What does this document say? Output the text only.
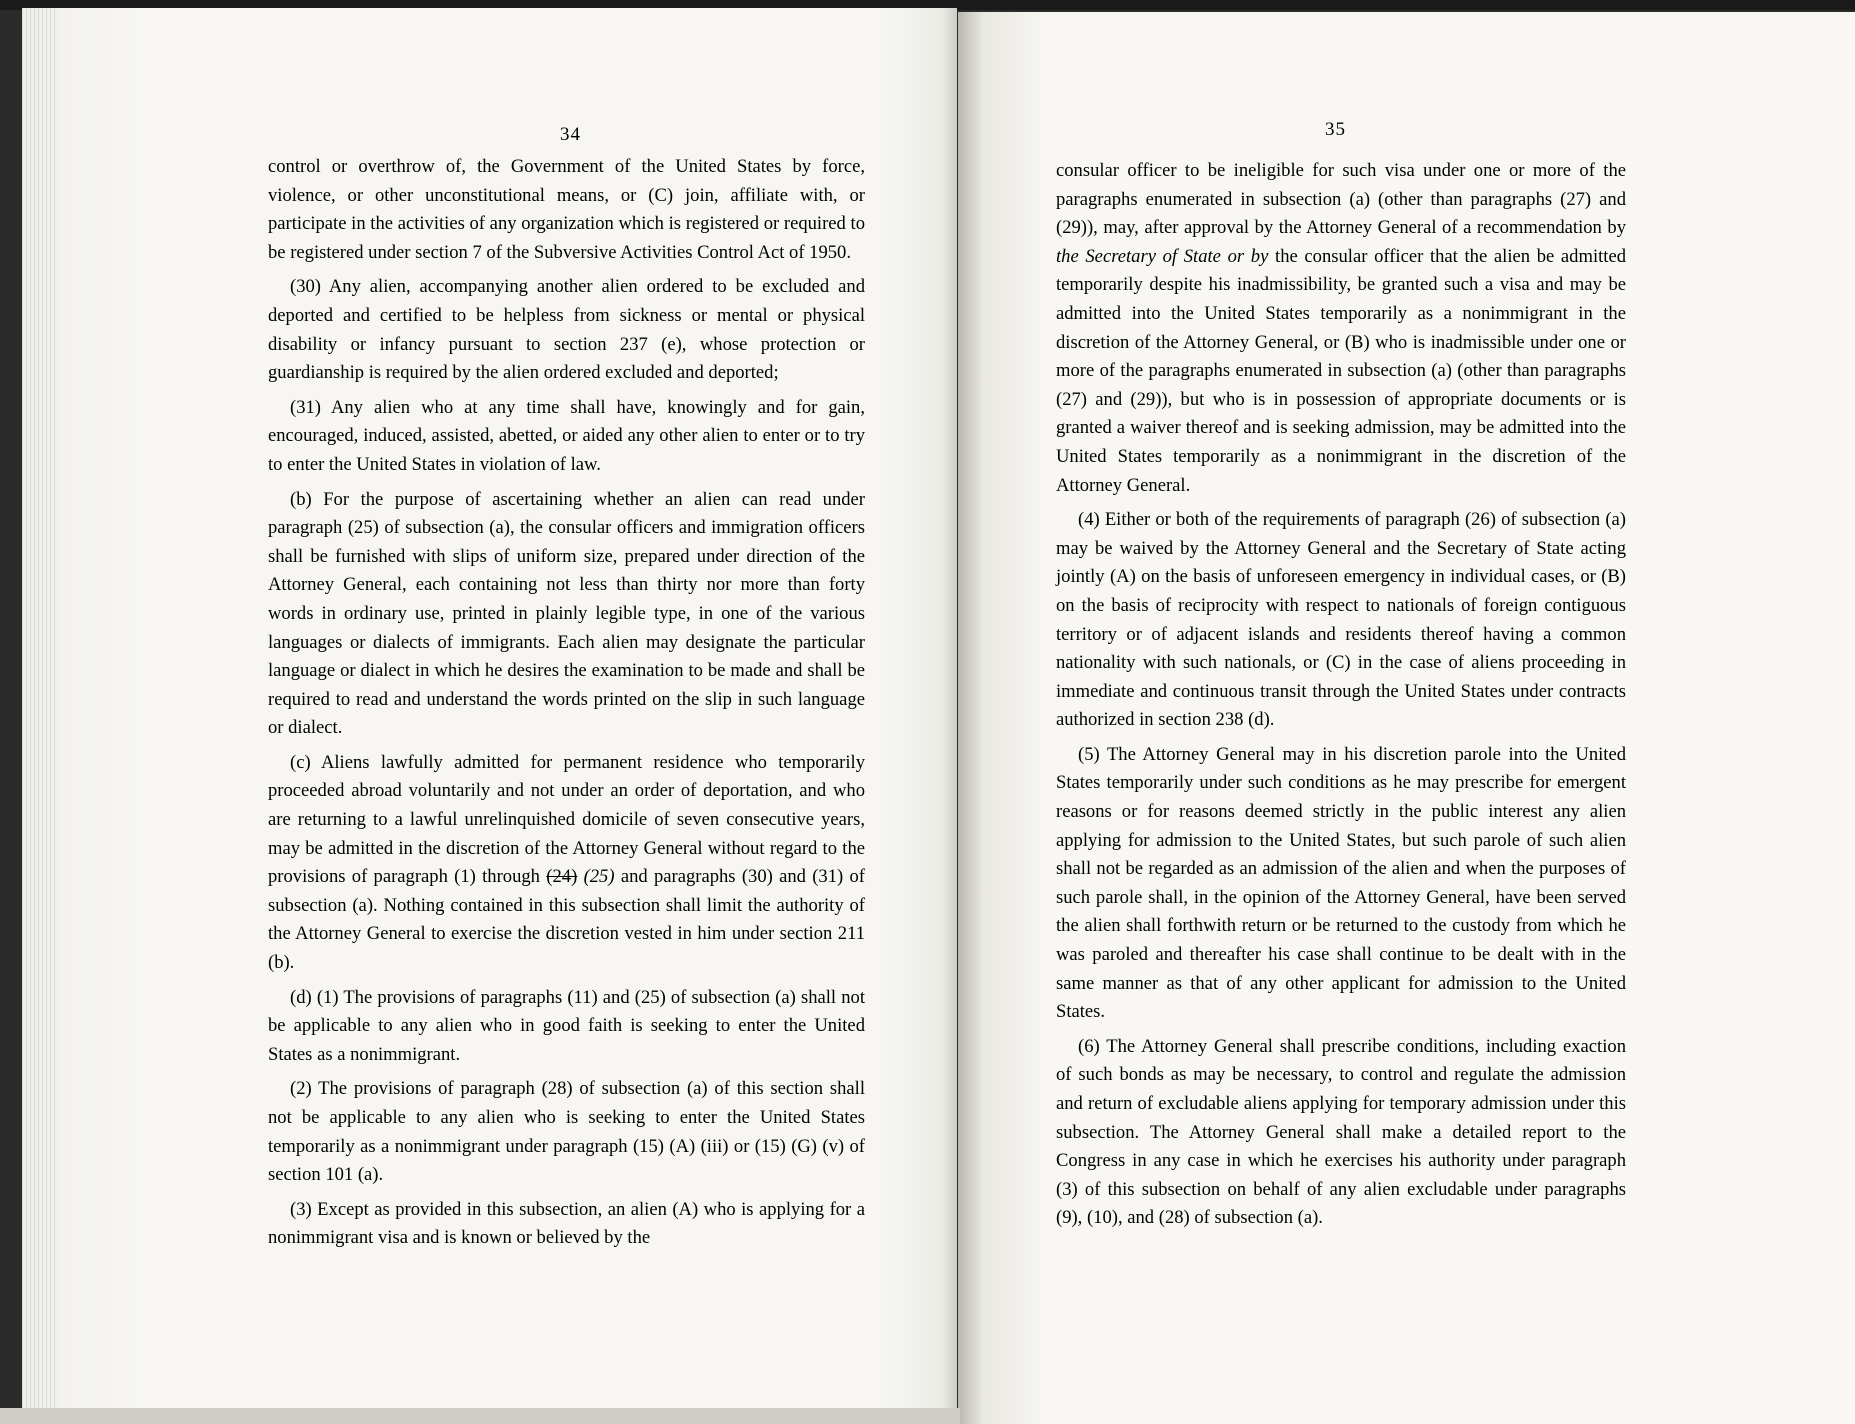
34

control or overthrow of, the Government of the United States by force, violence, or other unconstitutional means, or (C) join, affiliate with, or participate in the activities of any organization which is registered or required to be registered under section 7 of the Subversive Activities Control Act of 1950.

(30) Any alien, accompanying another alien ordered to be excluded and deported and certified to be helpless from sickness or mental or physical disability or infancy pursuant to section 237 (e), whose protection or guardianship is required by the alien ordered excluded and deported;

(31) Any alien who at any time shall have, knowingly and for gain, encouraged, induced, assisted, abetted, or aided any other alien to enter or to try to enter the United States in violation of law.

(b) For the purpose of ascertaining whether an alien can read under paragraph (25) of subsection (a), the consular officers and immigration officers shall be furnished with slips of uniform size, prepared under direction of the Attorney General, each containing not less than thirty nor more than forty words in ordinary use, printed in plainly legible type, in one of the various languages or dialects of immigrants. Each alien may designate the particular language or dialect in which he desires the examination to be made and shall be required to read and understand the words printed on the slip in such language or dialect.

(c) Aliens lawfully admitted for permanent residence who temporarily proceeded abroad voluntarily and not under an order of deportation, and who are returning to a lawful unrelinquished domicile of seven consecutive years, may be admitted in the discretion of the Attorney General without regard to the provisions of paragraph (1) through (24) (25) and paragraphs (30) and (31) of subsection (a). Nothing contained in this subsection shall limit the authority of the Attorney General to exercise the discretion vested in him under section 211 (b).

(d) (1) The provisions of paragraphs (11) and (25) of subsection (a) shall not be applicable to any alien who in good faith is seeking to enter the United States as a nonimmigrant.

(2) The provisions of paragraph (28) of subsection (a) of this section shall not be applicable to any alien who is seeking to enter the United States temporarily as a nonimmigrant under paragraph (15) (A) (iii) or (15) (G) (v) of section 101 (a).

(3) Except as provided in this subsection, an alien (A) who is applying for a nonimmigrant visa and is known or believed by the

35

consular officer to be ineligible for such visa under one or more of the paragraphs enumerated in subsection (a) (other than paragraphs (27) and (29)), may, after approval by the Attorney General of a recommendation by the Secretary of State or by the consular officer that the alien be admitted temporarily despite his inadmissibility, be granted such a visa and may be admitted into the United States temporarily as a nonimmigrant in the discretion of the Attorney General, or (B) who is inadmissible under one or more of the paragraphs enumerated in subsection (a) (other than paragraphs (27) and (29)), but who is in possession of appropriate documents or is granted a waiver thereof and is seeking admission, may be admitted into the United States temporarily as a nonimmigrant in the discretion of the Attorney General.

(4) Either or both of the requirements of paragraph (26) of subsection (a) may be waived by the Attorney General and the Secretary of State acting jointly (A) on the basis of unforeseen emergency in individual cases, or (B) on the basis of reciprocity with respect to nationals of foreign contiguous territory or of adjacent islands and residents thereof having a common nationality with such nationals, or (C) in the case of aliens proceeding in immediate and continuous transit through the United States under contracts authorized in section 238 (d).

(5) The Attorney General may in his discretion parole into the United States temporarily under such conditions as he may prescribe for emergent reasons or for reasons deemed strictly in the public interest any alien applying for admission to the United States, but such parole of such alien shall not be regarded as an admission of the alien and when the purposes of such parole shall, in the opinion of the Attorney General, have been served the alien shall forthwith return or be returned to the custody from which he was paroled and thereafter his case shall continue to be dealt with in the same manner as that of any other applicant for admission to the United States.

(6) The Attorney General shall prescribe conditions, including exaction of such bonds as may be necessary, to control and regulate the admission and return of excludable aliens applying for temporary admission under this subsection. The Attorney General shall make a detailed report to the Congress in any case in which he exercises his authority under paragraph (3) of this subsection on behalf of any alien excludable under paragraphs (9), (10), and (28) of subsection (a).
